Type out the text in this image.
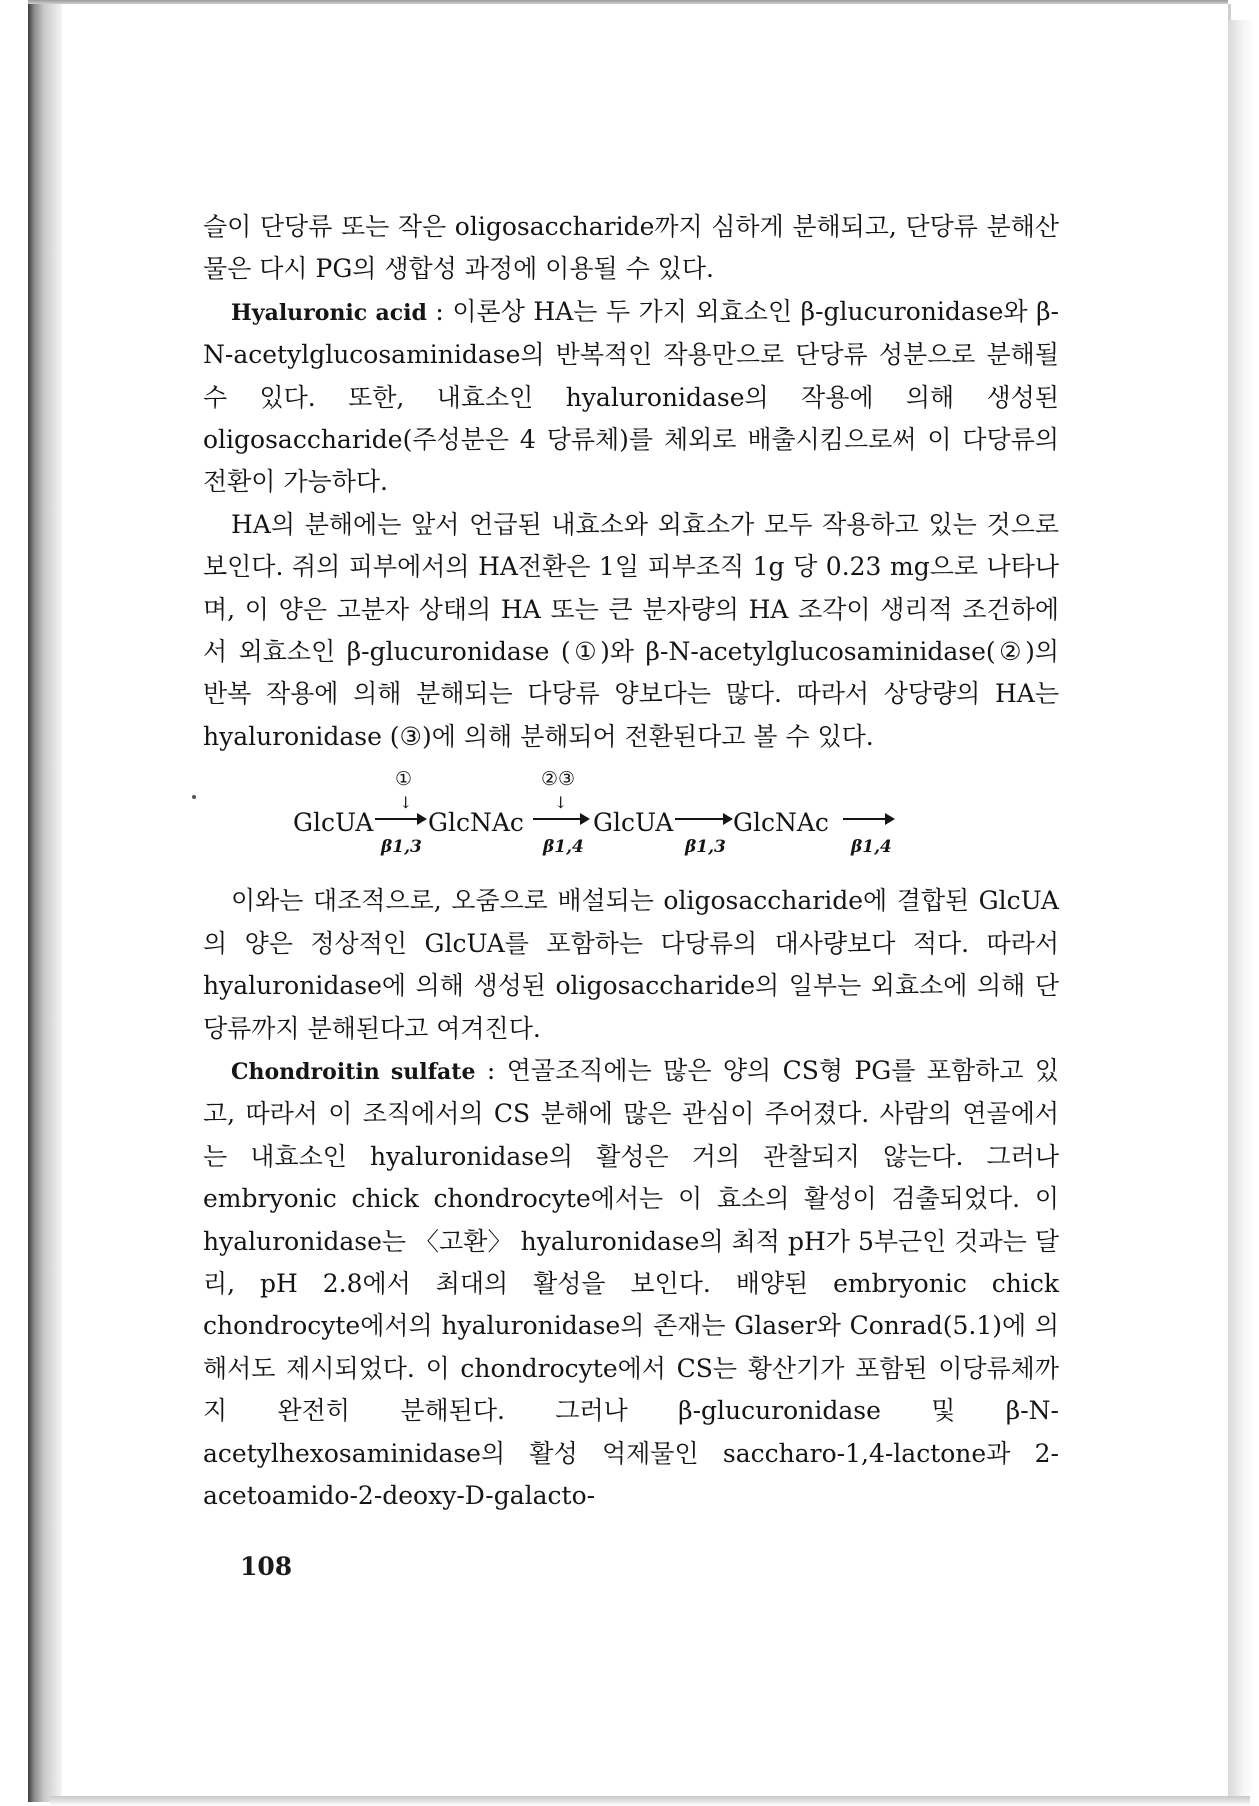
슬이 단당류 또는 작은 oligosaccharide까지 심하게 분해되고, 단당류 분해산물은 다시 PG의 생합성 과정에 이용될 수 있다.

Hyaluronic acid : 이론상 HA는 두 가지 외효소인 β-glucuronidase와 β-N-acetylglucosaminidase의 반복적인 작용만으로 단당류 성분으로 분해될 수 있다. 또한, 내효소인 hyaluronidase의 작용에 의해 생성된 oligosaccharide(주성분은 4 당류체)를 체외로 배출시킴으로써 이 다당류의 전환이 가능하다.

HA의 분해에는 앞서 언급된 내효소와 외효소가 모두 작용하고 있는 것으로 보인다. 쥐의 피부에서의 HA전환은 1일 피부조직 1g 당 0.23 mg으로 나타나며, 이 양은 고분자 상태의 HA 또는 큰 분자량의 HA 조각이 생리적 조건하에서 외효소인 β-glucuronidase (①)와 β-N-acetylglucosaminidase(②)의 반복 작용에 의해 분해되는 다당류 양보다는 많다. 따라서 상당량의 HA는 hyaluronidase (③)에 의해 분해되어 전환된다고 볼 수 있다.

①
↓
②③
↓
GlcUA
β1,3
GlcNAc
β1,4
GlcUA
β1,3
GlcNAc
β1,4

이와는 대조적으로, 오줌으로 배설되는 oligosaccharide에 결합된 GlcUA의 양은 정상적인 GlcUA를 포함하는 다당류의 대사량보다 적다. 따라서 hyaluronidase에 의해 생성된 oligosaccharide의 일부는 외효소에 의해 단당류까지 분해된다고 여겨진다.

Chondroitin sulfate : 연골조직에는 많은 양의 CS형 PG를 포함하고 있고, 따라서 이 조직에서의 CS 분해에 많은 관심이 주어졌다. 사람의 연골에서는 내효소인 hyaluronidase의 활성은 거의 관찰되지 않는다. 그러나 embryonic chick chondrocyte에서는 이 효소의 활성이 검출되었다. 이 hyaluronidase는 〈고환〉 hyaluronidase의 최적 pH가 5부근인 것과는 달리, pH 2.8에서 최대의 활성을 보인다. 배양된 embryonic chick chondrocyte에서의 hyaluronidase의 존재는 Glaser와 Conrad(5.1)에 의해서도 제시되었다. 이 chondrocyte에서 CS는 황산기가 포함된 이당류체까지 완전히 분해된다. 그러나 β-glucuronidase 및 β-N-acetylhexosaminidase의 활성 억제물인 saccharo-1,4-lactone과 2-acetoamido-2-deoxy-D-galacto-

108
